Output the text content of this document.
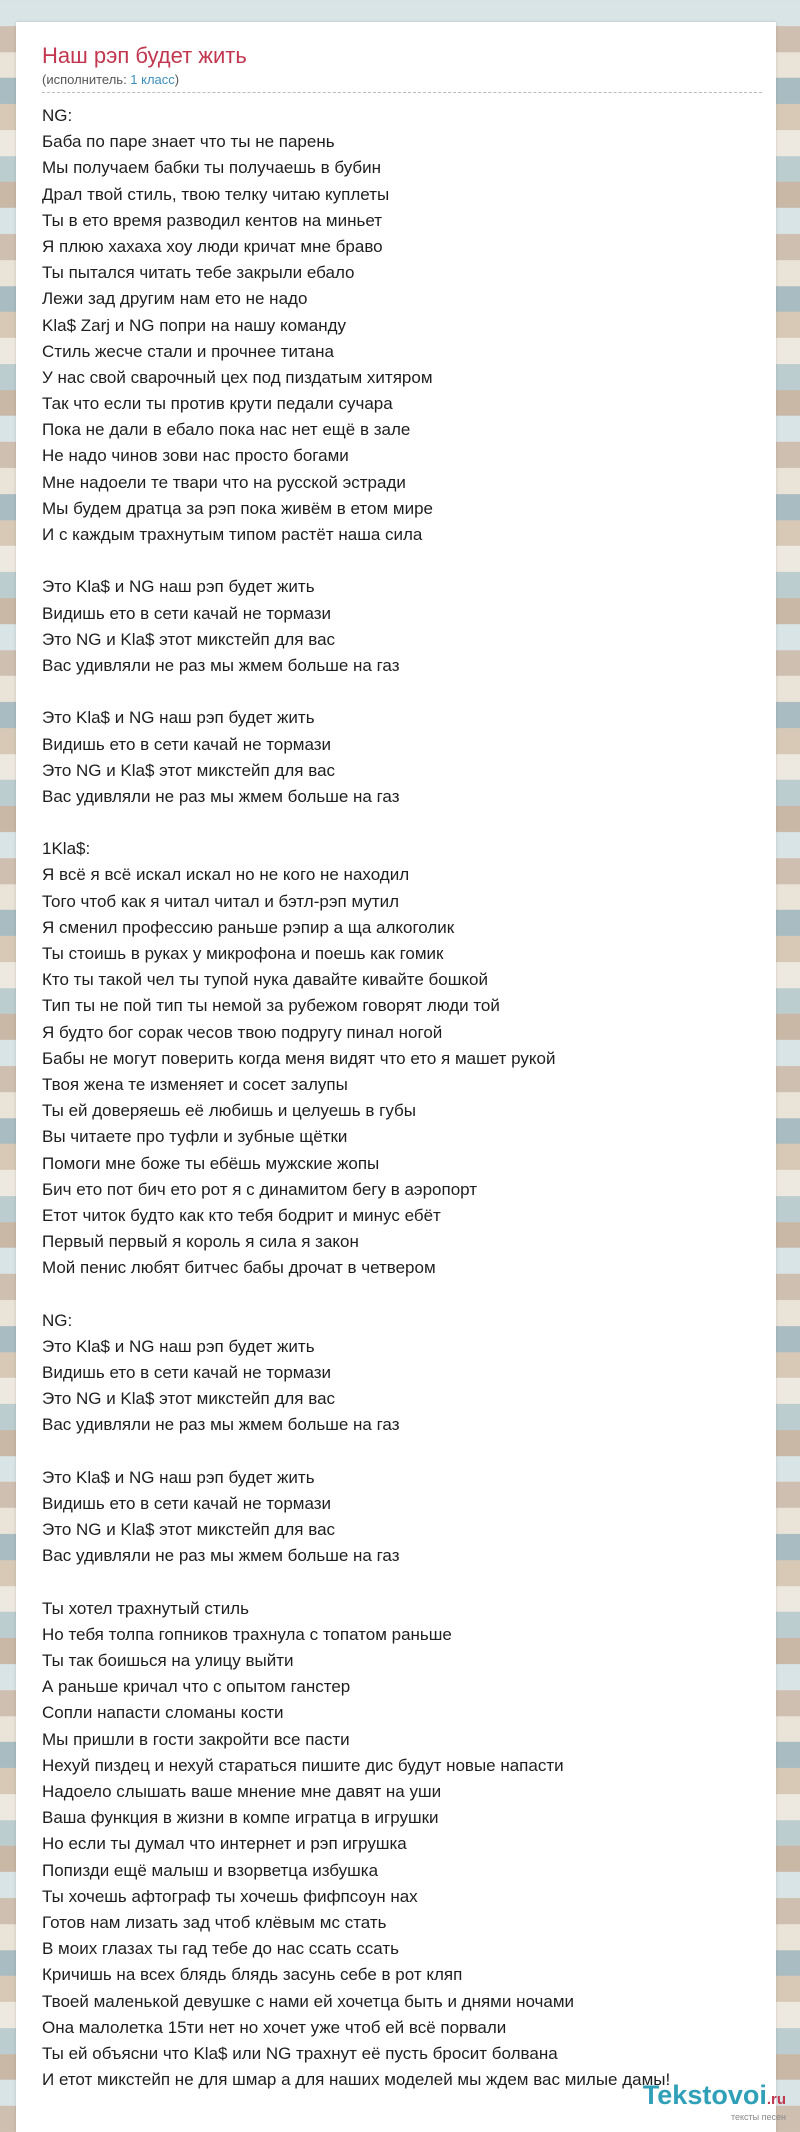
Наш рэп будет жить
(исполнитель: 1 класс)
NG:
Баба по паре знает что ты не парень
Мы получаем бабки ты получаешь в бубин
Драл твой стиль, твою телку читаю куплеты
Ты в ето время разводил кентов на миньет
Я плюю хахаха хоу люди кричат мне браво
Ты пытался читать тебе закрыли ебало
Лежи зад другим нам ето не надо
Kla$ Zarj и NG попри на нашу команду
Стиль жесче стали и прочнее титана
У нас свой сварочный цех под пиздатым хитяром
Так что если ты против крути педали сучара
Пока не дали в ебало пока нас нет ещё в зале
Не надо чинов зови нас просто богами
Мне надоели те твари что на русской эстради
Мы будем дратца за рэп пока живём в етом мире
И с каждым трахнутым типом растёт наша сила
Это Kla$ и NG наш рэп будет жить
Видишь ето в сети качай не тормази
Это NG и Kla$ этот микстейп для вас
Вас удивляли не раз мы жмем больше на газ
Это Kla$ и NG наш рэп будет жить
Видишь ето в сети качай не тормази
Это NG и Kla$ этот микстейп для вас
Вас удивляли не раз мы жмем больше на газ
1Kla$:
Я всё я всё искал искал но не кого не находил
Того чтоб как я читал читал и бэтл-рэп мутил
Я сменил профессию раньше рэпир а ща алкоголик
Ты стоишь в руках у микрофона и поешь как гомик
Кто ты такой чел ты тупой нука давайте кивайте бошкой
Тип ты не пой тип ты немой за рубежом говорят люди той
Я будто бог сорак чесов твою подругу пинал ногой
Бабы не могут поверить когда меня видят что ето я машет рукой
Твоя жена те изменяет и сосет залупы
Ты ей доверяешь её любишь и целуешь в губы
Вы читаете про туфли и зубные щётки
Помоги мне боже ты ебёшь мужские жопы
Бич ето пот бич ето рот я с динамитом бегу в аэропорт
Етот читок будто как кто тебя бодрит и минус ебёт
Первый первый я король я сила я закон
Мой пенис любят битчес бабы дрочат в четвером
NG:
Это Kla$ и NG наш рэп будет жить
Видишь ето в сети качай не тормази
Это NG и Kla$ этот микстейп для вас
Вас удивляли не раз мы жмем больше на газ
Это Kla$ и NG наш рэп будет жить
Видишь ето в сети качай не тормази
Это NG и Kla$ этот микстейп для вас
Вас удивляли не раз мы жмем больше на газ
Ты хотел трахнутый стиль
Но тебя толпа гопников трахнула с топатом раньше
Ты так боишься на улицу выйти
А раньше кричал что с опытом ганстер
Сопли напасти сломаны кости
Мы пришли в гости закройти все пасти
Нехуй пиздец и нехуй стараться пишите дис будут новые напасти
Надоело слышать ваше мнение мне давят на уши
Ваша функция в жизни в компе игратца в игрушки
Но если ты думал что интернет и рэп игрушка
Попизди ещё малыш и взорветца избушка
Ты хочешь афтограф ты хочешь фифпсоун нах
Готов нам лизать зад чтоб клёвым мс стать
В моих глазах ты гад тебе до нас ссать ссать
Кричишь на всех блядь блядь засунь себе в рот кляп
Твоей маленькой девушке с нами ей хочетца быть и днями ночами
Она малолетка 15ти нет но хочет уже чтоб ей всё порвали
Ты ей объясни что Kla$ или NG трахнут её пусть бросит болвана
И етот микстейп не для шмар а для наших моделей мы ждем вас милые дамы!
Tekstovoi.ru
тексты песен
